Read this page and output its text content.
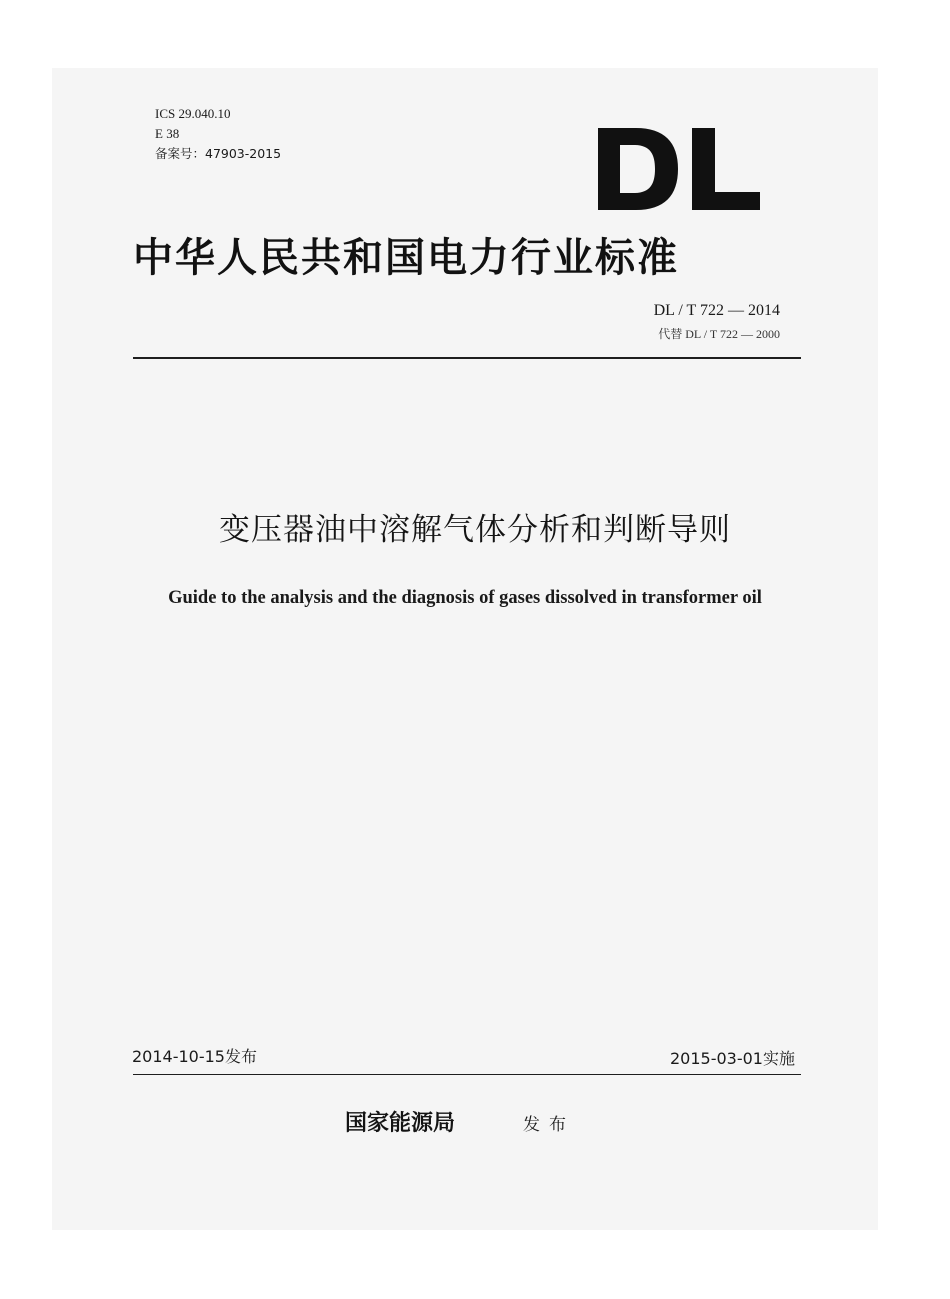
ICS 29.040.10
E 38
备案号：47903-2015
中华人民共和国电力行业标准
DL / T 722 — 2014
代替 DL / T 722 — 2000
变压器油中溶解气体分析和判断导则
Guide to the analysis and the diagnosis of gases dissolved in transformer oil
2014-10-15发布	2015-03-01实施
国家能源局	发布
